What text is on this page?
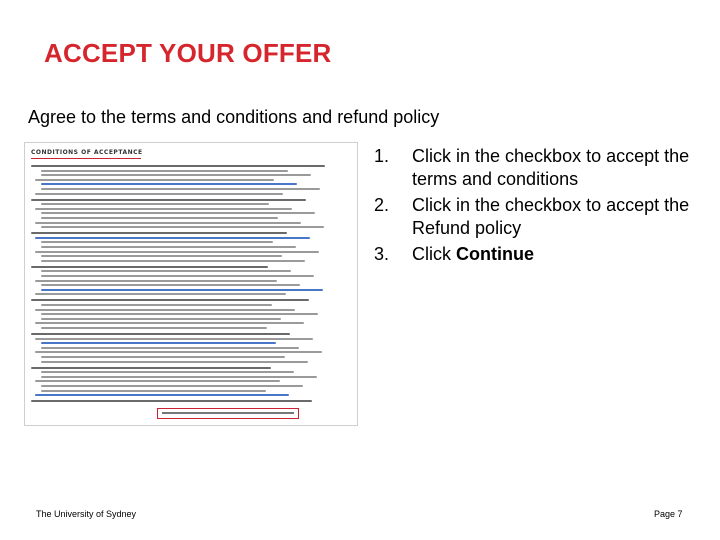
ACCEPT YOUR OFFER
Agree to the terms and conditions and refund policy
CONDITIONS OF ACCEPTANCE	1. Click in the checkbox to accept the terms and conditions
2. Click in the checkbox to accept the Refund policy
3. Click Continue
The University of Sydney	Page 7
